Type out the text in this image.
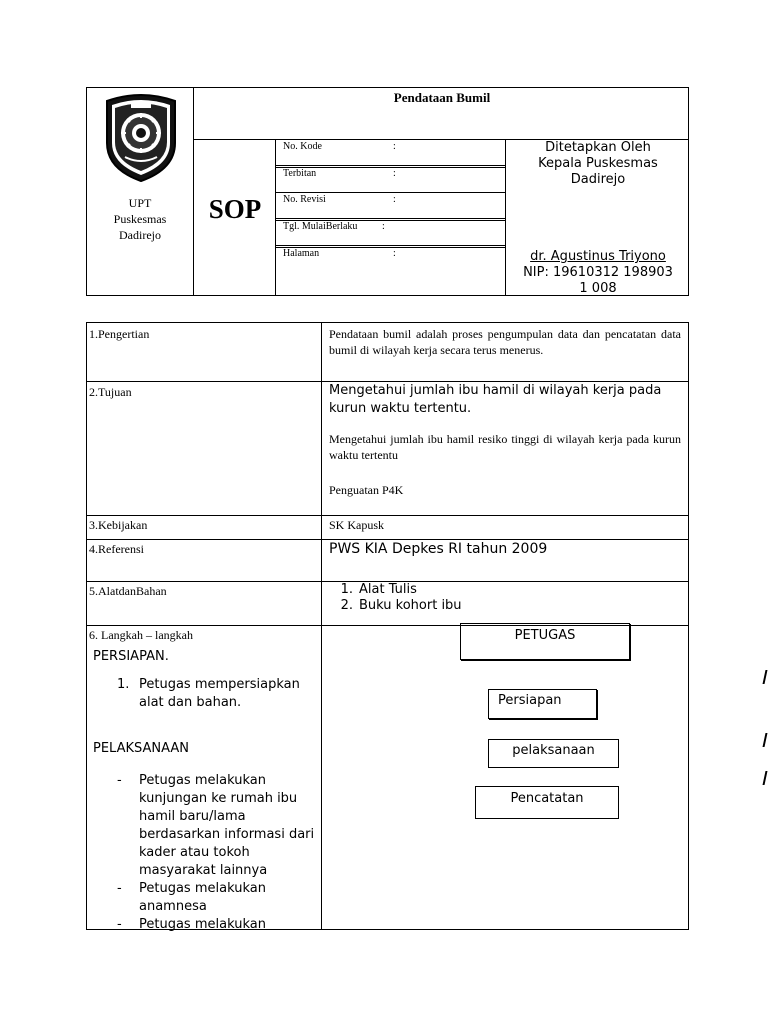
UPT
Puskesmas
Dadirejo
Pendataan Bumil
SOP
No. Kode	:
Terbitan	:
No. Revisi	:
Tgl. MulaiBerlaku :
Halaman	:
Ditetapkan Oleh
Kepala Puskesmas
Dadirejo
dr. Agustinus Triyono
NIP: 19610312 198903
1 008
1.Pengertian	Pendataan bumil adalah proses pengumpulan data dan pencatatan data bumil di wilayah kerja secara terus menerus.
2.Tujuan	Mengetahui jumlah ibu hamil di wilayah kerja pada kurun waktu tertentu.
Mengetahui jumlah ibu hamil resiko tinggi di wilayah kerja pada kurun waktu tertentu
Penguatan P4K
3.Kebijakan	SK Kapusk
4.Referensi	PWS KIA Depkes RI tahun 2009
5.AlatdanBahan	1. Alat Tulis
2. Buku kohort ibu
6. Langkah – langkah
PERSIAPAN.
1. Petugas mempersiapkan alat dan bahan.
PELAKSANAAN
- Petugas melakukan kunjungan ke rumah ibu hamil baru/lama berdasarkan informasi dari kader atau tokoh masyarakat lainnya
- Petugas melakukan anamnesa
- Petugas melakukan
PETUGAS
Persiapan
pelaksanaan
Pencatatan
